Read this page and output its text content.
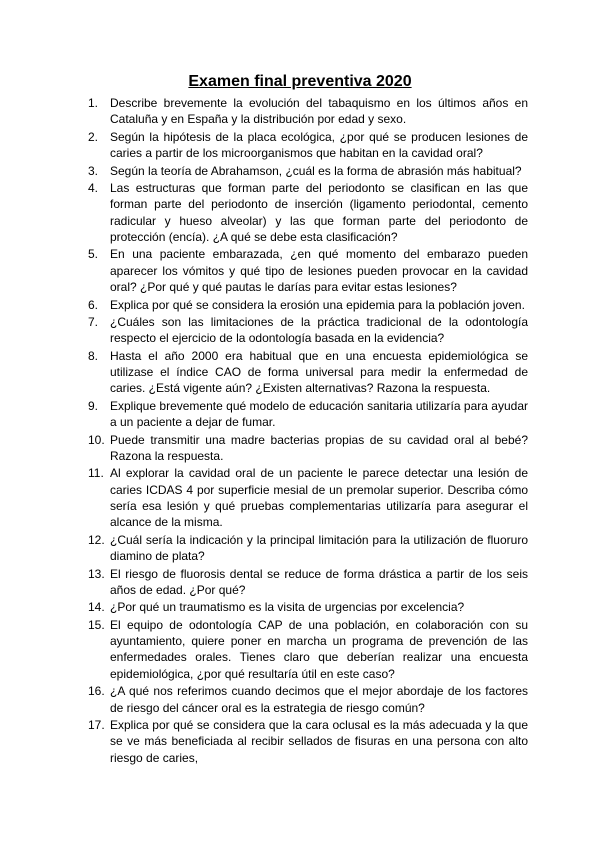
Examen final preventiva 2020
1. Describe brevemente la evolución del tabaquismo en los últimos años en Cataluña y en España y la distribución por edad y sexo.
2. Según la hipótesis de la placa ecológica, ¿por qué se producen lesiones de caries a partir de los microorganismos que habitan en la cavidad oral?
3. Según la teoría de Abrahamson, ¿cuál es la forma de abrasión más habitual?
4. Las estructuras que forman parte del periodonto se clasifican en las que forman parte del periodonto de inserción (ligamento periodontal, cemento radicular y hueso alveolar) y las que forman parte del periodonto de protección (encía). ¿A qué se debe esta clasificación?
5. En una paciente embarazada, ¿en qué momento del embarazo pueden aparecer los vómitos y qué tipo de lesiones pueden provocar en la cavidad oral? ¿Por qué y qué pautas le darías para evitar estas lesiones?
6. Explica por qué se considera la erosión una epidemia para la población joven.
7. ¿Cuáles son las limitaciones de la práctica tradicional de la odontología respecto el ejercicio de la odontología basada en la evidencia?
8. Hasta el año 2000 era habitual que en una encuesta epidemiológica se utilizase el índice CAO de forma universal para medir la enfermedad de caries. ¿Está vigente aún? ¿Existen alternativas? Razona la respuesta.
9. Explique brevemente qué modelo de educación sanitaria utilizaría para ayudar a un paciente a dejar de fumar.
10. Puede transmitir una madre bacterias propias de su cavidad oral al bebé? Razona la respuesta.
11. Al explorar la cavidad oral de un paciente le parece detectar una lesión de caries ICDAS 4 por superficie mesial de un premolar superior. Describa cómo sería esa lesión y qué pruebas complementarias utilizaría para asegurar el alcance de la misma.
12. ¿Cuál sería la indicación y la principal limitación para la utilización de fluoruro diamino de plata?
13. El riesgo de fluorosis dental se reduce de forma drástica a partir de los seis años de edad. ¿Por qué?
14. ¿Por qué un traumatismo es la visita de urgencias por excelencia?
15. El equipo de odontología CAP de una población, en colaboración con su ayuntamiento, quiere poner en marcha un programa de prevención de las enfermedades orales. Tienes claro que deberían realizar una encuesta epidemiológica, ¿por qué resultaría útil en este caso?
16. ¿A qué nos referimos cuando decimos que el mejor abordaje de los factores de riesgo del cáncer oral es la estrategia de riesgo común?
17. Explica por qué se considera que la cara oclusal es la más adecuada y la que se ve más beneficiada al recibir sellados de fisuras en una persona con alto riesgo de caries,
